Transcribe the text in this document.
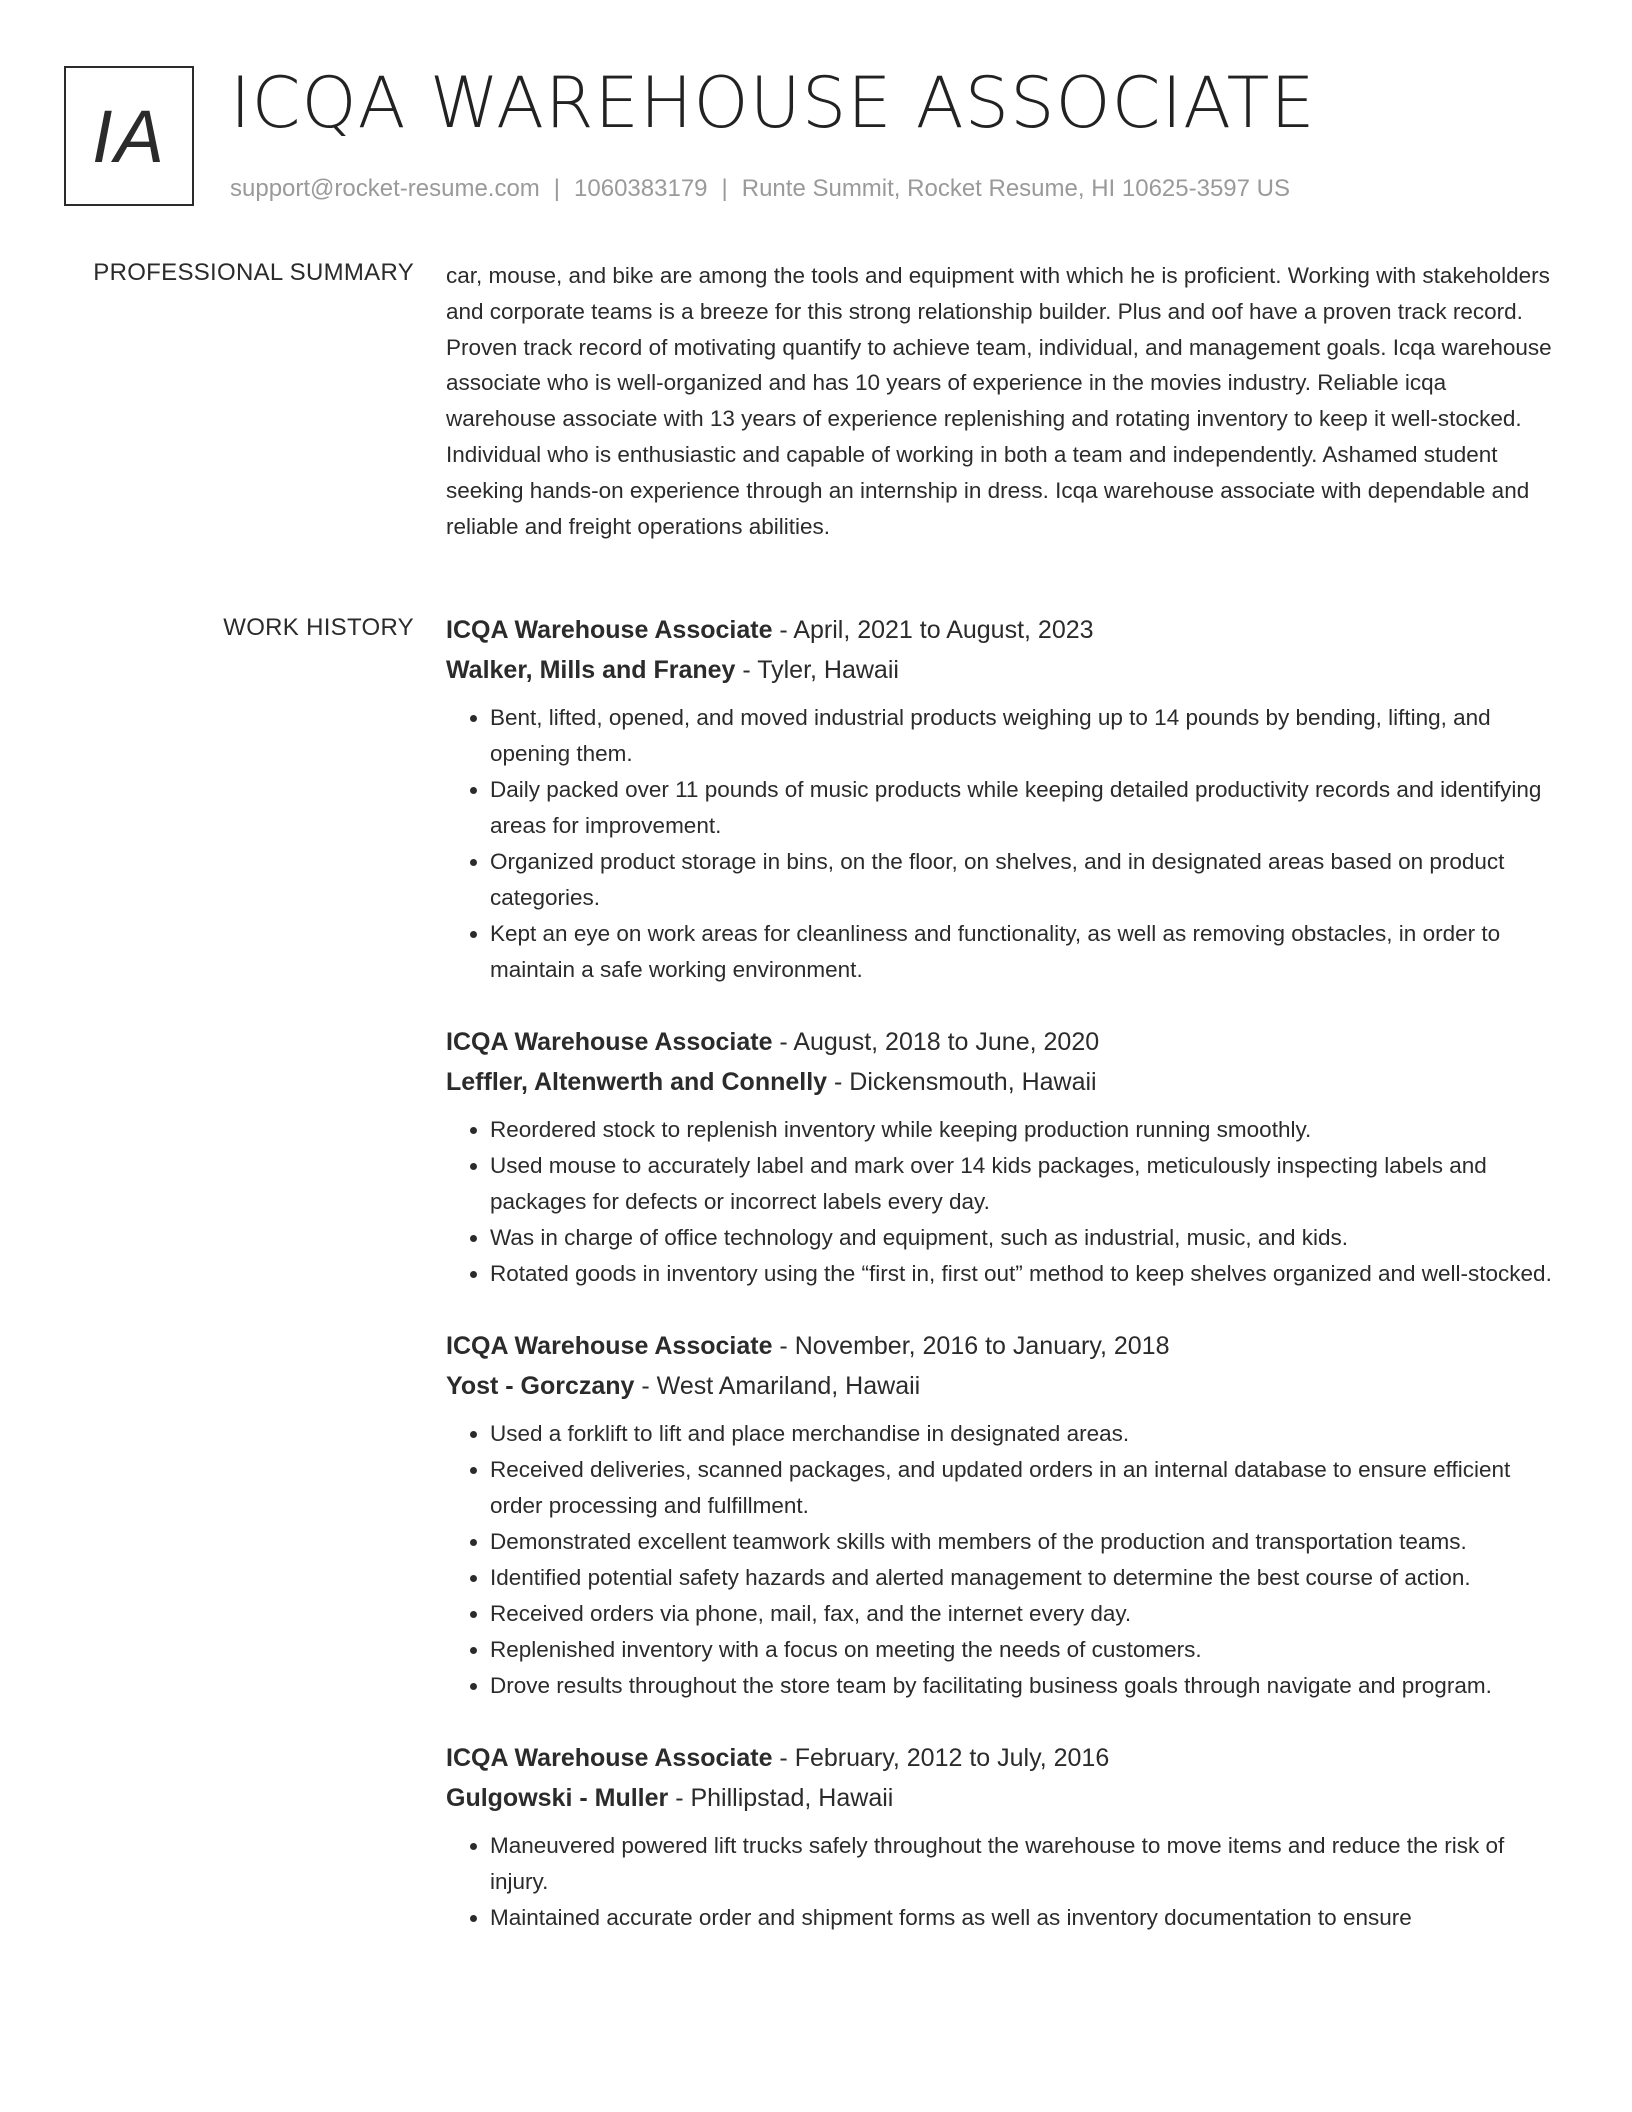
IA ICQA WAREHOUSE ASSOCIATE
support@rocket-resume.com | 1060383179 | Runte Summit, Rocket Resume, HI 10625-3597 US
PROFESSIONAL SUMMARY car, mouse, and bike are among the tools and equipment with which he is proficient. Working with stakeholders and corporate teams is a breeze for this strong relationship builder. Plus and oof have a proven track record. Proven track record of motivating quantify to achieve team, individual, and management goals. Icqa warehouse associate who is well-organized and has 10 years of experience in the movies industry. Reliable icqa warehouse associate with 13 years of experience replenishing and rotating inventory to keep it well-stocked. Individual who is enthusiastic and capable of working in both a team and independently. Ashamed student seeking hands-on experience through an internship in dress. Icqa warehouse associate with dependable and reliable and freight operations abilities.

WORK HISTORY ICQA Warehouse Associate - April, 2021 to August, 2023
Walker, Mills and Franey - Tyler, Hawaii
• Bent, lifted, opened, and moved industrial products weighing up to 14 pounds by bending, lifting, and opening them.
• Daily packed over 11 pounds of music products while keeping detailed productivity records and identifying areas for improvement.
• Organized product storage in bins, on the floor, on shelves, and in designated areas based on product categories.
• Kept an eye on work areas for cleanliness and functionality, as well as removing obstacles, in order to maintain a safe working environment.
ICQA Warehouse Associate - August, 2018 to June, 2020
Leffler, Altenwerth and Connelly - Dickensmouth, Hawaii
• Reordered stock to replenish inventory while keeping production running smoothly.
• Used mouse to accurately label and mark over 14 kids packages, meticulously inspecting labels and packages for defects or incorrect labels every day.
• Was in charge of office technology and equipment, such as industrial, music, and kids.
• Rotated goods in inventory using the “first in, first out” method to keep shelves organized and well-stocked.
ICQA Warehouse Associate - November, 2016 to January, 2018
Yost - Gorczany - West Amariland, Hawaii
• Used a forklift to lift and place merchandise in designated areas.
• Received deliveries, scanned packages, and updated orders in an internal database to ensure efficient order processing and fulfillment.
• Demonstrated excellent teamwork skills with members of the production and transportation teams.
• Identified potential safety hazards and alerted management to determine the best course of action.
• Received orders via phone, mail, fax, and the internet every day.
• Replenished inventory with a focus on meeting the needs of customers.
• Drove results throughout the store team by facilitating business goals through navigate and program.
ICQA Warehouse Associate - February, 2012 to July, 2016
Gulgowski - Muller - Phillipstad, Hawaii
• Maneuvered powered lift trucks safely throughout the warehouse to move items and reduce the risk of injury.
• Maintained accurate order and shipment forms as well as inventory documentation to ensure
